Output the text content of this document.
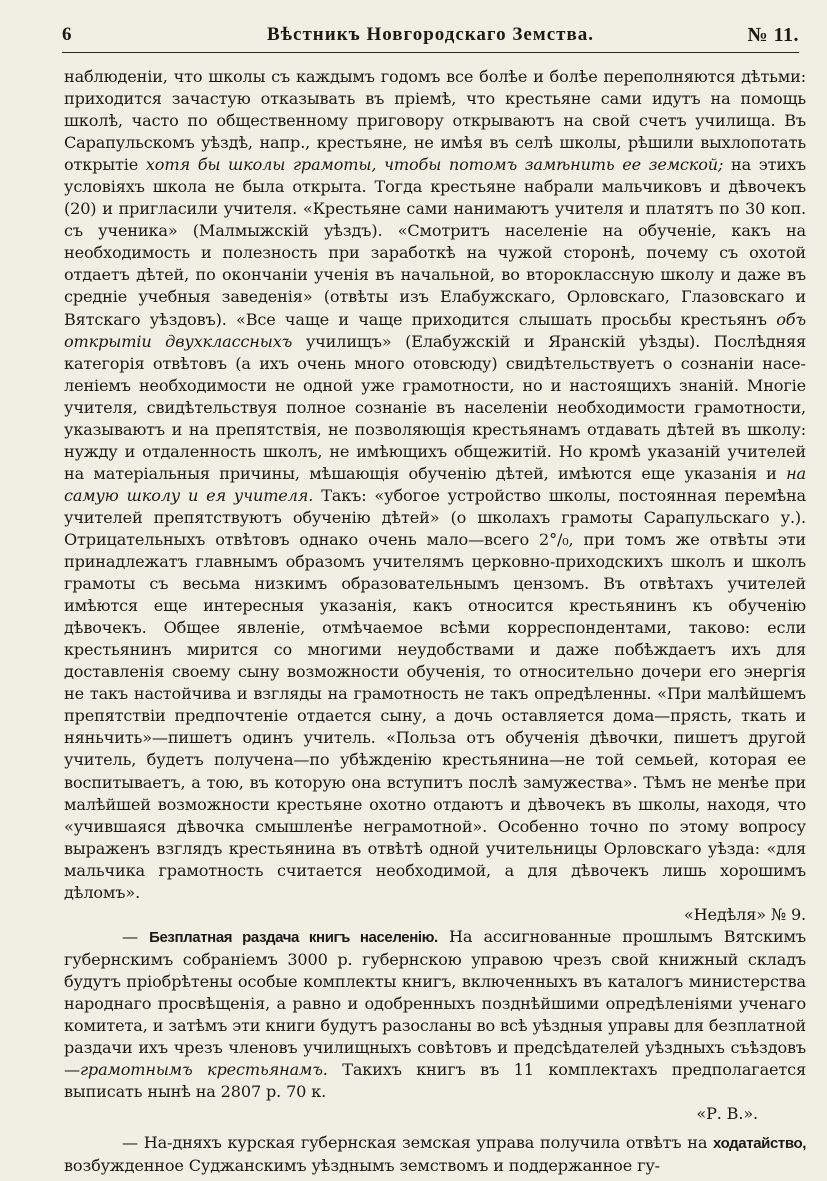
6	Вѣстникъ Новгородскаго Земства.	№ 11.

наблюденіи, что школы съ каждымъ годомъ все болѣе и болѣе переполняются дѣтьми: приходится зачастую отказывать въ пріемѣ, что крестьяне сами идутъ на помощь школѣ, часто по общественному приговору открываютъ на свой счетъ училища. Въ Сарапульскомъ уѣздѣ, напр., крестьяне, не имѣя въ селѣ школы, рѣшили выхлопотать открытіе хотя бы школы грамоты, чтобы потомъ замѣнить ее земской; на этихъ условіяхъ школа не была открыта. Тогда крестьяне набрали мальчиковъ и дѣвочекъ (20) и пригласили учителя. «Крестьяне сами нанимаютъ учителя и платятъ по 30 коп. съ ученика» (Малмыжскій уѣздъ). «Смотритъ населеніе на обученіе, какъ на необходимость и полезность при заработкѣ на чужой сторонѣ, почему съ охотой отдаетъ дѣтей, по окончаніи ученія въ начальной, во второклассную школу и даже въ средніе учебныя заведенія» (отвѣты изъ Елабужскаго, Орловскаго, Глазовскаго и Вятскаго уѣздовъ). «Все чаще и чаще приходится слышать просьбы крестьянъ объ открытіи двухклассныхъ училищъ» (Елабужскій и Яранскій уѣзды). Послѣдняя категорія отвѣтовъ (а ихъ очень много отовсюду) свидѣтельствуетъ о сознаніи населеніемъ необходимости не одной уже грамотности, но и настоящихъ знаній. Многіе учителя, свидѣтельствуя полное сознаніе въ населеніи необходимости грамотности, указываютъ и на препятствія, не позволяющія крестьянамъ отдавать дѣтей въ школу: нужду и отдаленность школъ, не имѣющихъ общежитій. Но кромѣ указаній учителей на матеріальныя причины, мѣшающія обученію дѣтей, имѣются еще указанія и на самую школу и ея учителя. Такъ: «убогое устройство школы, постоянная перемѣна учителей препятствуютъ обученію дѣтей» (о школахъ грамоты Сарапульскаго у.). Отрицательныхъ отвѣтовъ однако очень мало—всего 2°/₀, при томъ же отвѣты эти принадлежатъ главнымъ образомъ учителямъ церковно-приходскихъ школъ и школъ грамоты съ весьма низкимъ образовательнымъ цензомъ. Въ отвѣтахъ учителей имѣются еще интересныя указанія, какъ относится крестьянинъ къ обученію дѣвочекъ. Общее явленіе, отмѣчаемое всѣми корреспондентами, таково: если крестьянинъ мирится со многими неудобствами и даже побѣждаетъ ихъ для доставленія своему сыну возможности обученія, то относительно дочери его энергія не такъ настойчива и взгляды на грамотность не такъ опредѣленны. «При малѣйшемъ препятствіи предпочтеніе отдается сыну, а дочь оставляется дома—прясть, ткать и няньчить»—пишетъ одинъ учитель. «Польза отъ обученія дѣвочки, пишетъ другой учитель, будетъ получена—по убѣжденію крестьянина—не той семьей, которая ее воспитываетъ, а тою, въ которую она вступитъ послѣ замужества». Тѣмъ не менѣе при малѣйшей возможности крестьяне охотно отдаютъ и дѣвочекъ въ школы, находя, что «учившаяся дѣвочка смышленѣе неграмотной». Особенно точно по этому вопросу выраженъ взглядъ крестьянина въ отвѣтѣ одной учительницы Орловскаго уѣзда: «для мальчика грамотность считается необходимой, а для дѣвочекъ лишь хорошимъ дѣломъ».

«Недѣля» № 9.

— Безплатная раздача книгъ населенію. На ассигнованные прошлымъ Вятскимъ губернскимъ собраніемъ 3000 р. губернскою управою чрезъ свой книжный складъ будутъ пріобрѣтены особые комплекты книгъ, включенныхъ въ каталогъ министерства народнаго просвѣщенія, а равно и одобренныхъ позднѣйшими опредѣленіями ученаго комитета, и затѣмъ эти книги будутъ разосланы во всѣ уѣздныя управы для безплатной раздачи ихъ чрезъ членовъ училищныхъ совѣтовъ и предсѣдателей уѣздныхъ съѣздовъ—грамотнымъ крестьянамъ. Такихъ книгъ въ 11 комплектахъ предполагается выписать нынѣ на 2807 р. 70 к.

«Р. В.».

— На-дняхъ курская губернская земская управа получила отвѣтъ на ходатайство, возбужденное Суджанскимъ уѣзднымъ земствомъ и поддержанное гу-
